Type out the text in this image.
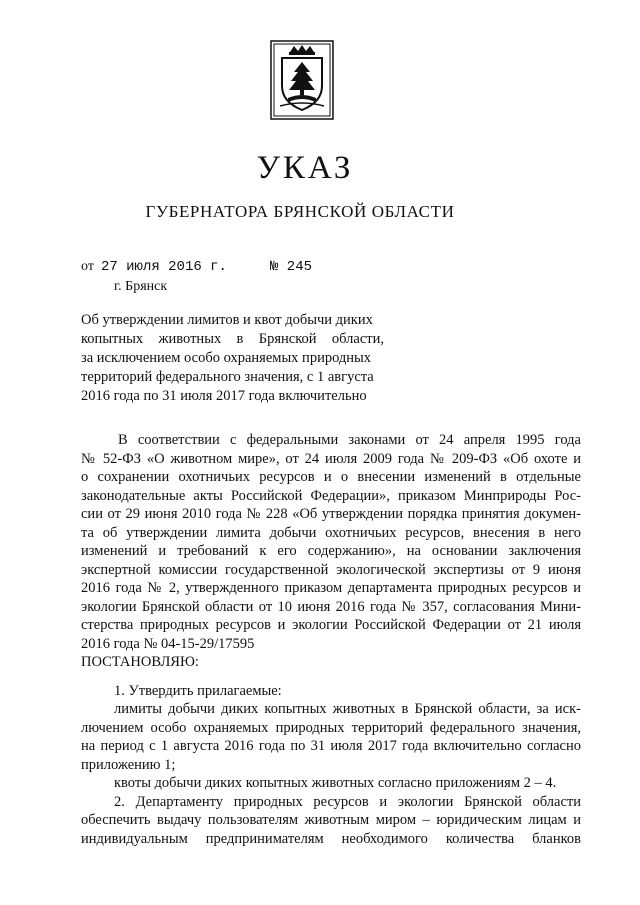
УКАЗ
ГУБЕРНАТОРА БРЯНСКОЙ ОБЛАСТИ
от 27 июля 2016 г.	№ 245
г. Брянск
Об утверждении лимитов и квот добычи диких
копытных животных в Брянской области,
за исключением особо охраняемых природных
территорий федерального значения, с 1 августа
2016 года по 31 июля 2017 года включительно
В соответствии с федеральными законами от 24 апреля 1995 года
№ 52-ФЗ «О животном мире», от 24 июля 2009 года № 209-ФЗ «Об охоте и
о сохранении охотничьих ресурсов и о внесении изменений в отдельные
законодательные акты Российской Федерации», приказом Минприроды Рос-
сии от 29 июня 2010 года № 228 «Об утверждении порядка принятия докумен-
та об утверждении лимита добычи охотничьих ресурсов, внесения в него
изменений и требований к его содержанию», на основании заключения
экспертной комиссии государственной экологической экспертизы от 9 июня
2016 года № 2, утвержденного приказом департамента природных ресурсов и
экологии Брянской области от 10 июня 2016 года № 357, согласования Мини-
стерства природных ресурсов и экологии Российской Федерации от 21 июля
2016 года № 04-15-29/17595
ПОСТАНОВЛЯЮ:
1. Утвердить прилагаемые:
лимиты добычи диких копытных животных в Брянской области, за иск-
лючением особо охраняемых природных территорий федерального значения,
на период с 1 августа 2016 года по 31 июля 2017 года включительно согласно
приложению 1;
квоты добычи диких копытных животных согласно приложениям 2 – 4.
2. Департаменту природных ресурсов и экологии Брянской области
обеспечить выдачу пользователям животным миром – юридическим лицам и
индивидуальным предпринимателям необходимого количества бланков
